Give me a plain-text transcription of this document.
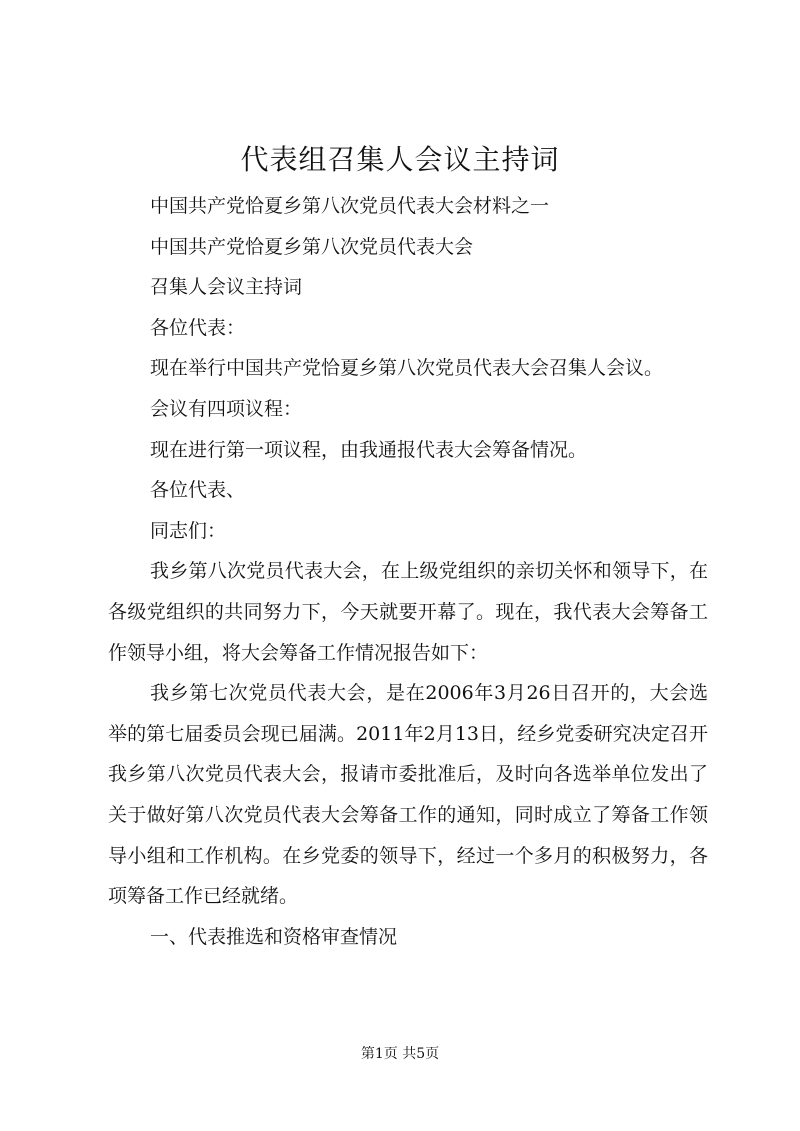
代表组召集人会议主持词

中国共产党恰夏乡第八次党员代表大会材料之一

中国共产党恰夏乡第八次党员代表大会

召集人会议主持词

各位代表：

现在举行中国共产党恰夏乡第八次党员代表大会召集人会议。

会议有四项议程：

现在进行第一项议程，由我通报代表大会筹备情况。

各位代表、

同志们：

我乡第八次党员代表大会，在上级党组织的亲切关怀和领导下，在各级党组织的共同努力下，今天就要开幕了。现在，我代表大会筹备工作领导小组，将大会筹备工作情况报告如下：

我乡第七次党员代表大会，是在2006年3月26日召开的，大会选举的第七届委员会现已届满。2011年2月13日，经乡党委研究决定召开我乡第八次党员代表大会，报请市委批准后，及时向各选举单位发出了关于做好第八次党员代表大会筹备工作的通知，同时成立了筹备工作领导小组和工作机构。在乡党委的领导下，经过一个多月的积极努力，各项筹备工作已经就绪。

一、代表推选和资格审查情况

第1页 共5页
